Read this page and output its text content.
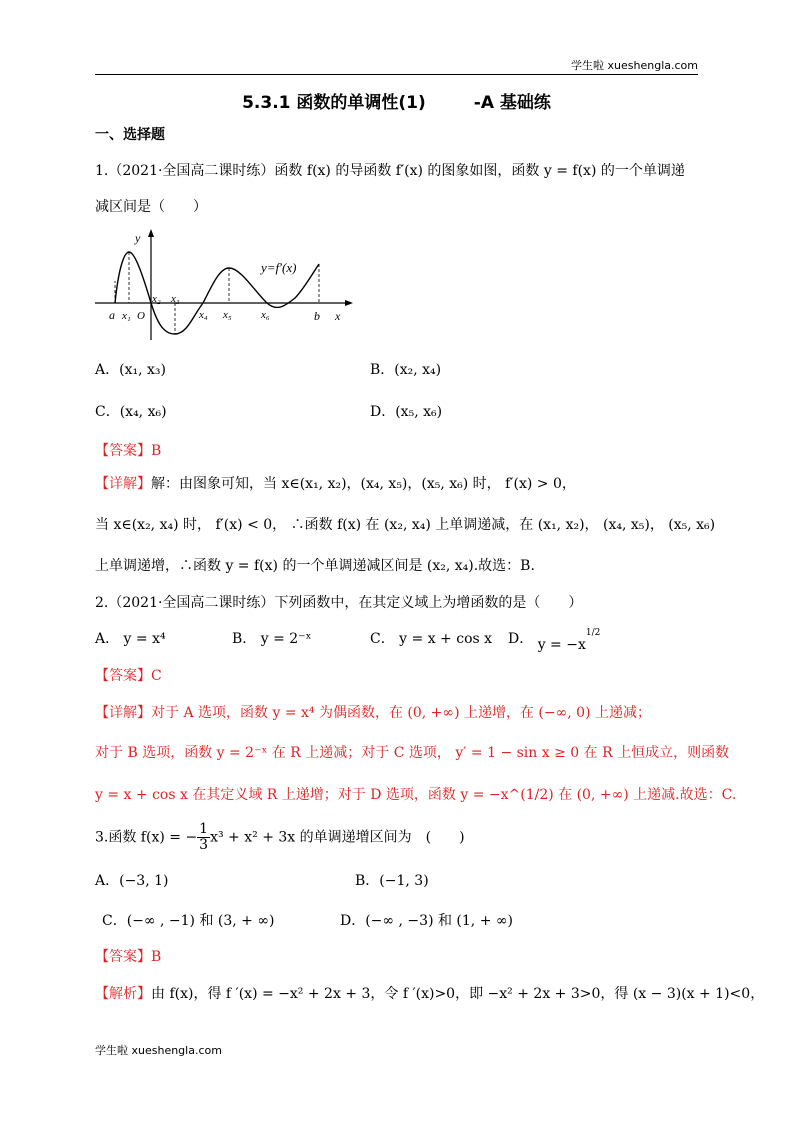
学生啦 xueshengla.com
5.3.1 函数的单调性(1)	-A 基础练
一、选择题
1.（2021·全国高二课时练）函数 f(x) 的导函数 f′(x) 的图象如图，函数 y = f(x) 的一个单调递
减区间是（　　）
y
y=f′(x)
a x₁ O
x₂ x₃
x₄ x₅	x₆	b x
A．(x₁, x₃)	B．(x₂, x₄)
C．(x₄, x₆)	D．(x₅, x₆)
【答案】B
【详解】解：由图象可知，当 x∈(x₁, x₂)，(x₄, x₅)，(x₅, x₆) 时， f′(x) > 0，
当 x∈(x₂, x₄) 时， f′(x) < 0， ∴函数 f(x) 在 (x₂, x₄) 上单调递减，在 (x₁, x₂)， (x₄, x₅)， (x₅, x₆)
上单调递增，∴函数 y = f(x) 的一个单调递减区间是 (x₂, x₄).故选：B.
2.（2021·全国高二课时练）下列函数中，在其定义域上为增函数的是（　　）
A． y = x⁴	B． y = 2⁻ˣ	C． y = x + cos x D． $y = -x^{1/2}$
【答案】C
【详解】对于 A 选项，函数 y = x⁴ 为偶函数，在 (0, +∞) 上递增，在 (−∞, 0) 上递减；
对于 B 选项，函数 y = 2⁻ˣ 在 R 上递减；对于 C 选项， y′ = 1 − sin x ≥ 0 在 R 上恒成立，则函数
y = x + cos x 在其定义域 R 上递增；对于 D 选项，函数 y = −x^(1/2) 在 (0, +∞) 上递减.故选：C.
3.函数 f(x) = − $\frac{1}{3} x^3 + x^2 + 3x$ 的单调递增区间为　(　　)
A．(−3, 1)	B．(−1, 3)
C．(−∞ , −1) 和 (3, + ∞)	D．(−∞ , −3) 和 (1, + ∞)
【答案】B
【解析】由 f(x)，得 f ′(x) = −x² + 2x + 3，令 f ′(x)>0，即 −x² + 2x + 3>0，得 (x − 3)(x + 1)<0，
学生啦 xueshengla.com
